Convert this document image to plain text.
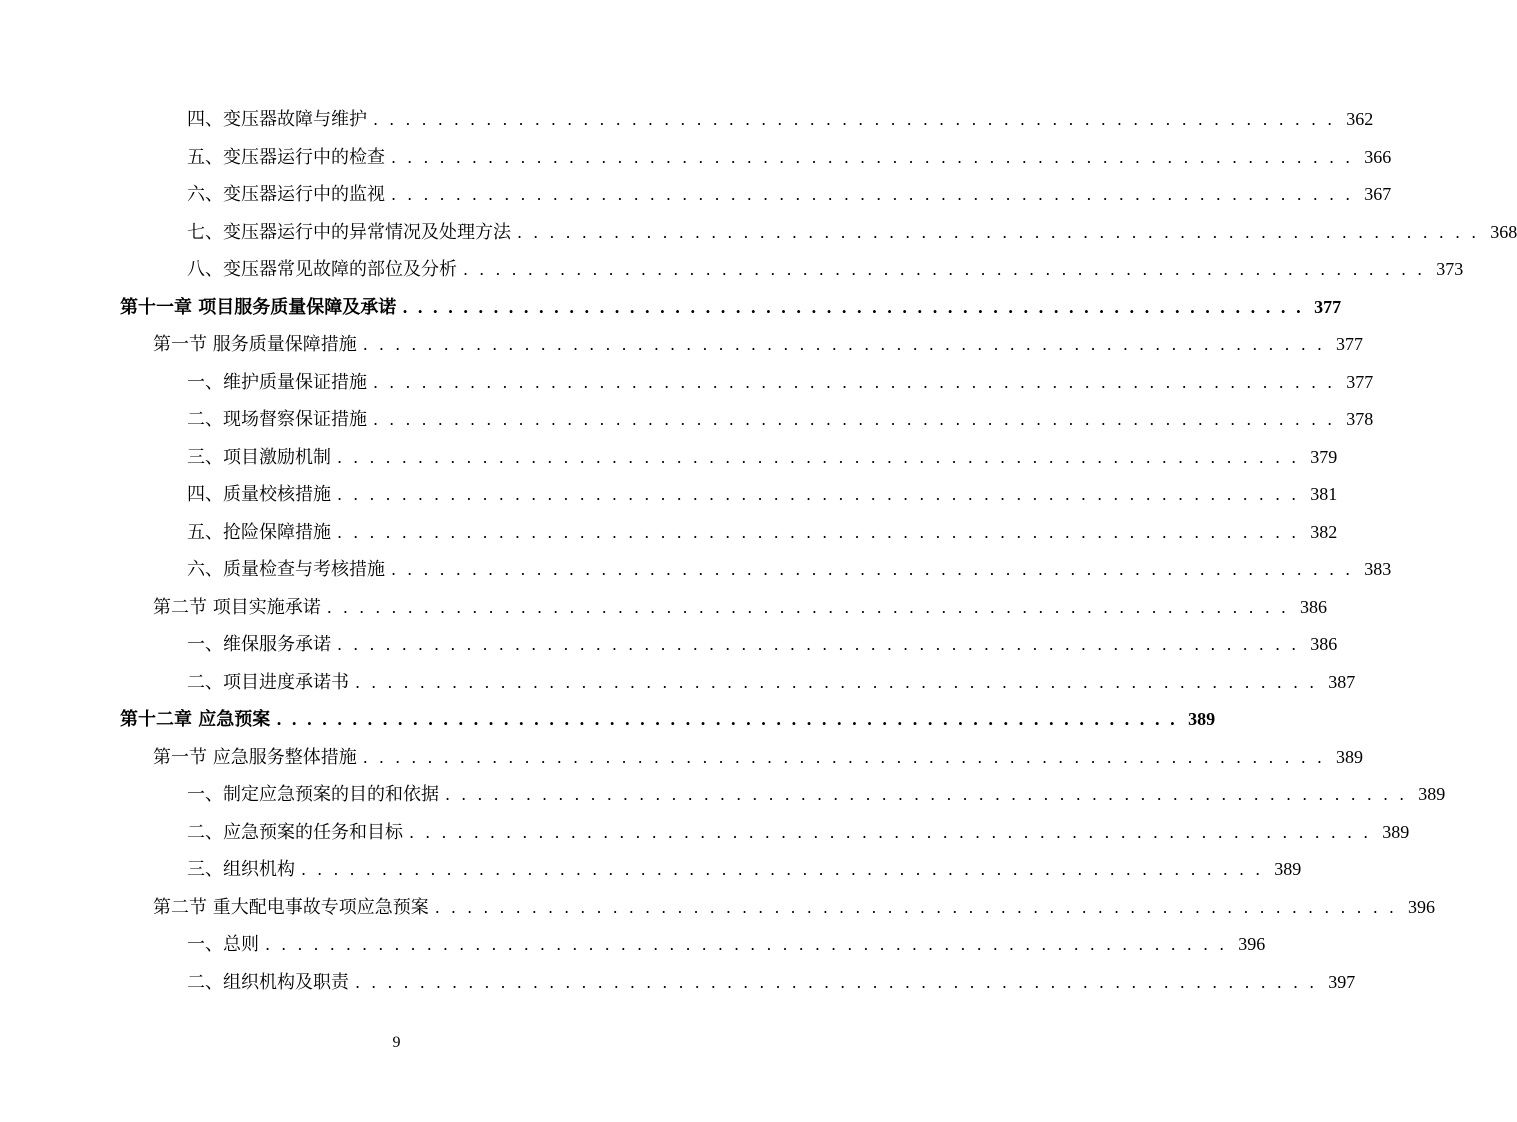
四、变压器故障与维护 . . . . . . . . . . . . . . . . . . . . . . . . . . . . . . . . . . . . . . . . . . . . . . . . . . . . . . . . . . . . 362
五、变压器运行中的检查 . . . . . . . . . . . . . . . . . . . . . . . . . . . . . . . . . . . . . . . . . . . . . . . . . . . . . . . . . . . . 366
六、变压器运行中的监视 . . . . . . . . . . . . . . . . . . . . . . . . . . . . . . . . . . . . . . . . . . . . . . . . . . . . . . . . . . . . 367
七、变压器运行中的异常情况及处理方法 . . . . . . . . . . . . . . . . . . . . . . . . . . . . . . . . . . . . . . . . . . . . . . . . . . . . . . . . . . . . 368
八、变压器常见故障的部位及分析 . . . . . . . . . . . . . . . . . . . . . . . . . . . . . . . . . . . . . . . . . . . . . . . . . . . . . . . . . . . . 373
第十一章 项目服务质量保障及承诺 . . . . . . . . . . . . . . . . . . . . . . . . . . . . . . . . . . . . . . . . . . . . . . . . . . . . . . . . . . . . 377
第一节 服务质量保障措施 . . . . . . . . . . . . . . . . . . . . . . . . . . . . . . . . . . . . . . . . . . . . . . . . . . . . . . . . . . . . 377
一、维护质量保证措施 . . . . . . . . . . . . . . . . . . . . . . . . . . . . . . . . . . . . . . . . . . . . . . . . . . . . . . . . . . . . 377
二、现场督察保证措施 . . . . . . . . . . . . . . . . . . . . . . . . . . . . . . . . . . . . . . . . . . . . . . . . . . . . . . . . . . . . 378
三、项目激励机制 . . . . . . . . . . . . . . . . . . . . . . . . . . . . . . . . . . . . . . . . . . . . . . . . . . . . . . . . . . . . 379
四、质量校核措施 . . . . . . . . . . . . . . . . . . . . . . . . . . . . . . . . . . . . . . . . . . . . . . . . . . . . . . . . . . . . 381
五、抢险保障措施 . . . . . . . . . . . . . . . . . . . . . . . . . . . . . . . . . . . . . . . . . . . . . . . . . . . . . . . . . . . . 382
六、质量检查与考核措施 . . . . . . . . . . . . . . . . . . . . . . . . . . . . . . . . . . . . . . . . . . . . . . . . . . . . . . . . . . . . 383
第二节 项目实施承诺 . . . . . . . . . . . . . . . . . . . . . . . . . . . . . . . . . . . . . . . . . . . . . . . . . . . . . . . . . . . . 386
一、维保服务承诺 . . . . . . . . . . . . . . . . . . . . . . . . . . . . . . . . . . . . . . . . . . . . . . . . . . . . . . . . . . . . 386
二、项目进度承诺书 . . . . . . . . . . . . . . . . . . . . . . . . . . . . . . . . . . . . . . . . . . . . . . . . . . . . . . . . . . . . 387
第十二章 应急预案 . . . . . . . . . . . . . . . . . . . . . . . . . . . . . . . . . . . . . . . . . . . . . . . . . . . . . . . . . . . . 389
第一节 应急服务整体措施 . . . . . . . . . . . . . . . . . . . . . . . . . . . . . . . . . . . . . . . . . . . . . . . . . . . . . . . . . . . . 389
一、制定应急预案的目的和依据 . . . . . . . . . . . . . . . . . . . . . . . . . . . . . . . . . . . . . . . . . . . . . . . . . . . . . . . . . . . . 389
二、应急预案的任务和目标 . . . . . . . . . . . . . . . . . . . . . . . . . . . . . . . . . . . . . . . . . . . . . . . . . . . . . . . . . . . . 389
三、组织机构 . . . . . . . . . . . . . . . . . . . . . . . . . . . . . . . . . . . . . . . . . . . . . . . . . . . . . . . . . . . . 389
第二节 重大配电事故专项应急预案 . . . . . . . . . . . . . . . . . . . . . . . . . . . . . . . . . . . . . . . . . . . . . . . . . . . . . . . . . . . . 396
一、总则 . . . . . . . . . . . . . . . . . . . . . . . . . . . . . . . . . . . . . . . . . . . . . . . . . . . . . . . . . . . . 396
二、组织机构及职责 . . . . . . . . . . . . . . . . . . . . . . . . . . . . . . . . . . . . . . . . . . . . . . . . . . . . . . . . . . . . 397
9
